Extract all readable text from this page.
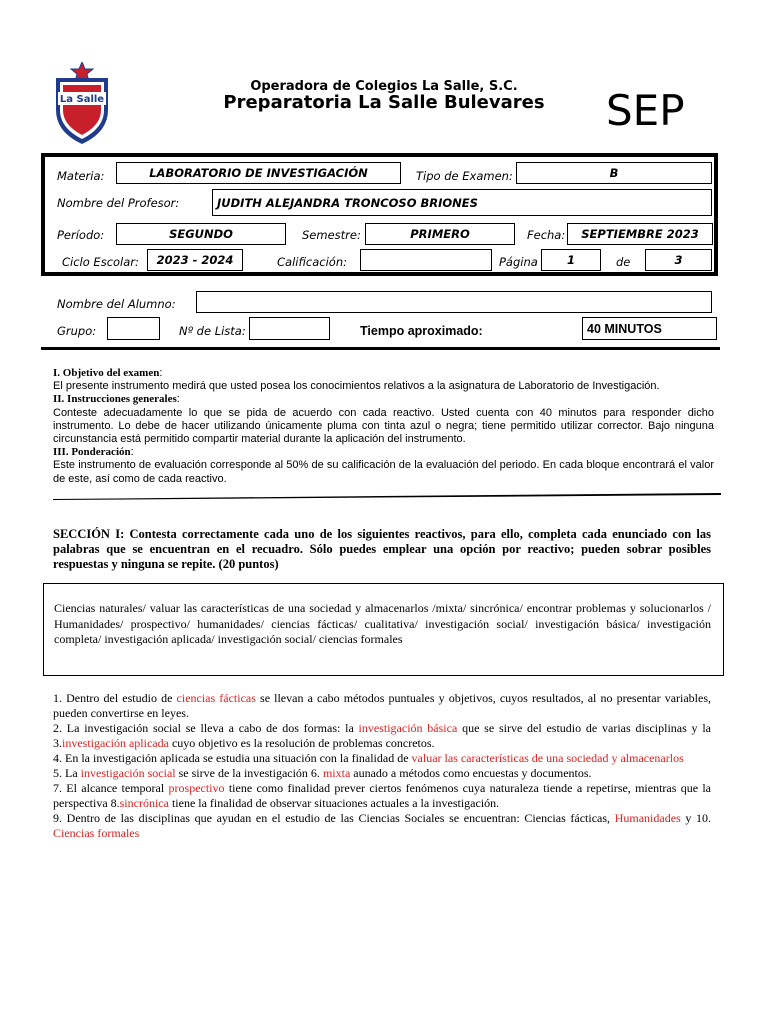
La Salle
Operadora de Colegios La Salle, S.C.
Preparatoria La Salle Bulevares	SEP
Materia:	LABORATORIO DE INVESTIGACIÓN	Tipo de Examen:	B
Nombre del Profesor:	JUDITH ALEJANDRA TRONCOSO BRIONES
Período:	SEGUNDO	Semestre:	PRIMERO	Fecha:	SEPTIEMBRE 2023
Ciclo Escolar:	2023 - 2024	Calificación:	Página	1	de	3
Nombre del Alumno:
Grupo:	Nº de Lista:	Tiempo aproximado:	40 MINUTOS
I. Objetivo del examen:
El presente instrumento medirá que usted posea los conocimientos relativos a la asignatura de Laboratorio de Investigación.
II. Instrucciones generales:
Conteste adecuadamente lo que se pida de acuerdo con cada reactivo. Usted cuenta con 40 minutos para responder dicho instrumento. Lo debe de hacer utilizando únicamente pluma con tinta azul o negra; tiene permitido utilizar corrector. Bajo ninguna circunstancia está permitido compartir material durante la aplicación del instrumento.
III. Ponderación:
Este instrumento de evaluación corresponde al 50% de su calificación de la evaluación del periodo. En cada bloque encontrará el valor de este, así como de cada reactivo.
SECCIÓN I: Contesta correctamente cada uno de los siguientes reactivos, para ello, completa cada enunciado con las palabras que se encuentran en el recuadro. Sólo puedes emplear una opción por reactivo; pueden sobrar posibles respuestas y ninguna se repite. (20 puntos)
Ciencias naturales/ valuar las características de una sociedad y almacenarlos /mixta/ sincrónica/ encontrar problemas y solucionarlos / Humanidades/ prospectivo/ humanidades/ ciencias fácticas/ cualitativa/ investigación social/ investigación básica/ investigación completa/ investigación aplicada/ investigación social/ ciencias formales
1. Dentro del estudio de ciencias fácticas se llevan a cabo métodos puntuales y objetivos, cuyos resultados, al no presentar variables, pueden convertirse en leyes.
2. La investigación social se lleva a cabo de dos formas: la investigación básica que se sirve del estudio de varias disciplinas y la 3.investigación aplicada cuyo objetivo es la resolución de problemas concretos.
4. En la investigación aplicada se estudia una situación con la finalidad de valuar las características de una sociedad y almacenarlos
5. La investigación social se sirve de la investigación 6. mixta aunado a métodos como encuestas y documentos.
7. El alcance temporal prospectivo tiene como finalidad prever ciertos fenómenos cuya naturaleza tiende a repetirse, mientras que la perspectiva 8.sincrónica tiene la finalidad de observar situaciones actuales a la investigación.
9. Dentro de las disciplinas que ayudan en el estudio de las Ciencias Sociales se encuentran: Ciencias fácticas, Humanidades y 10. Ciencias formales
